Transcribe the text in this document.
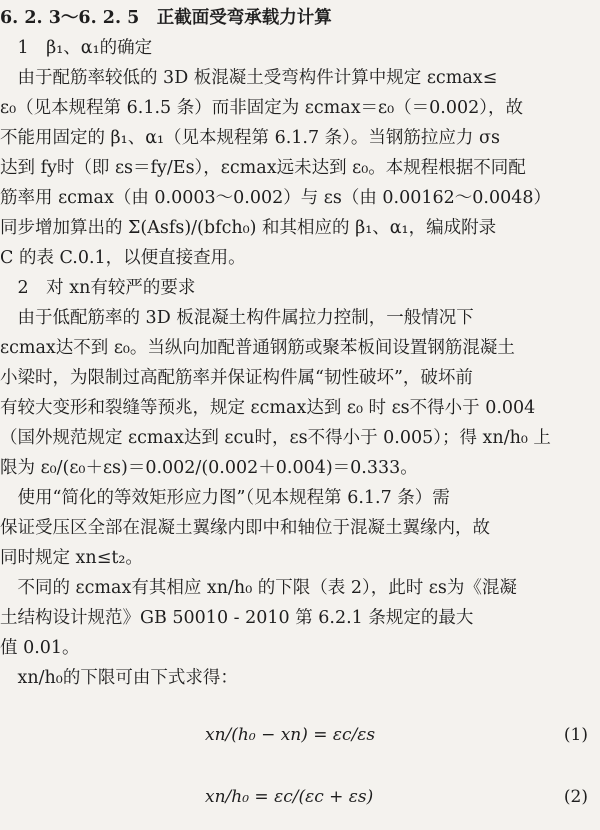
6. 2. 3～6. 2. 5　正截面受弯承载力计算
　1　β₁、α₁的确定
　由于配筋率较低的 3D 板混凝土受弯构件计算中规定 εcmax≤
ε₀（见本规程第 6.1.5 条）而非固定为 εcmax＝ε₀（＝0.002），故
不能用固定的 β₁、α₁（见本规程第 6.1.7 条）。当钢筋拉应力 σs
达到 fy时（即 εs＝fy/Es），εcmax远未达到 ε₀。本规程根据不同配
筋率用 εcmax（由 0.0003～0.002）与 εs（由 0.00162～0.0048）
同步增加算出的 Σ(Asfs)/(bfch₀) 和其相应的 β₁、α₁，编成附录
C 的表 C.0.1，以便直接查用。
　2　对 xn有较严的要求
　由于低配筋率的 3D 板混凝土构件属拉力控制，一般情况下
εcmax达不到 ε₀。当纵向加配普通钢筋或聚苯板间设置钢筋混凝土
小梁时，为限制过高配筋率并保证构件属“韧性破坏”，破坏前
有较大变形和裂缝等预兆，规定 εcmax达到 ε₀ 时 εs不得小于 0.004
（国外规范规定 εcmax达到 εcu时，εs不得小于 0.005）；得 xn/h₀ 上
限为 ε₀/(ε₀＋εs)＝0.002/(0.002＋0.004)＝0.333。
　使用“简化的等效矩形应力图”（见本规程第 6.1.7 条）需
保证受压区全部在混凝土翼缘内即中和轴位于混凝土翼缘内，故
同时规定 xn≤t₂。
　不同的 εcmax有其相应 xn/h₀ 的下限（表 2），此时 εs为《混凝
土结构设计规范》GB 50010 - 2010 第 6.2.1 条规定的最大
值 0.01。
　xn/h₀的下限可由下式求得：
xn/(h₀ − xn) = εc/εs	(1)
xn/h₀ = εc/(εc + εs)	(2)
